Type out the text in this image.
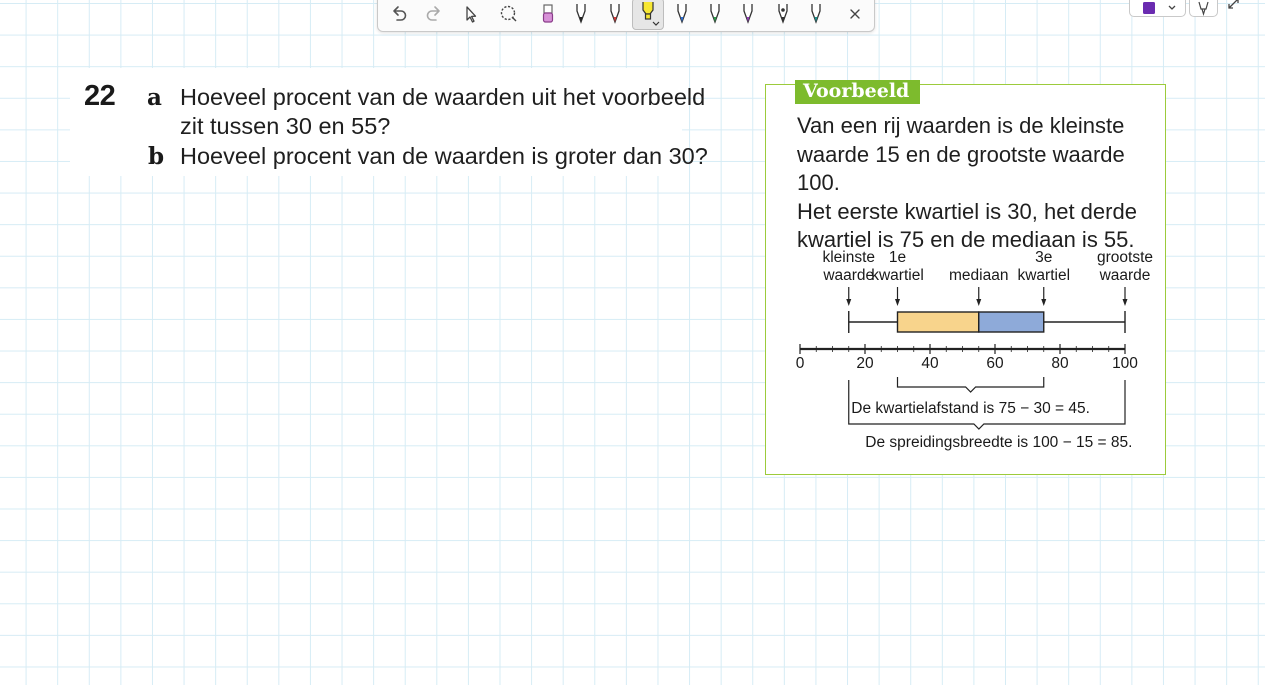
22 a Hoeveel procent van de waarden uit het voorbeeld
zit tussen 30 en 55?
b Hoeveel procent van de waarden is groter dan 30?
Voorbeeld
Van een rij waarden is de kleinste
waarde 15 en de grootste waarde 100.
Het eerste kwartiel is 30, het derde
kwartiel is 75 en de mediaan is 55.
kleinste
waarde
1e
kwartiel mediaan
3e
kwartiel
grootste
waarde
0	20	40	60	80	100
De kwartielafstand is 75 − 30 = 45.
De spreidingsbreedte is 100 − 15 = 85.
